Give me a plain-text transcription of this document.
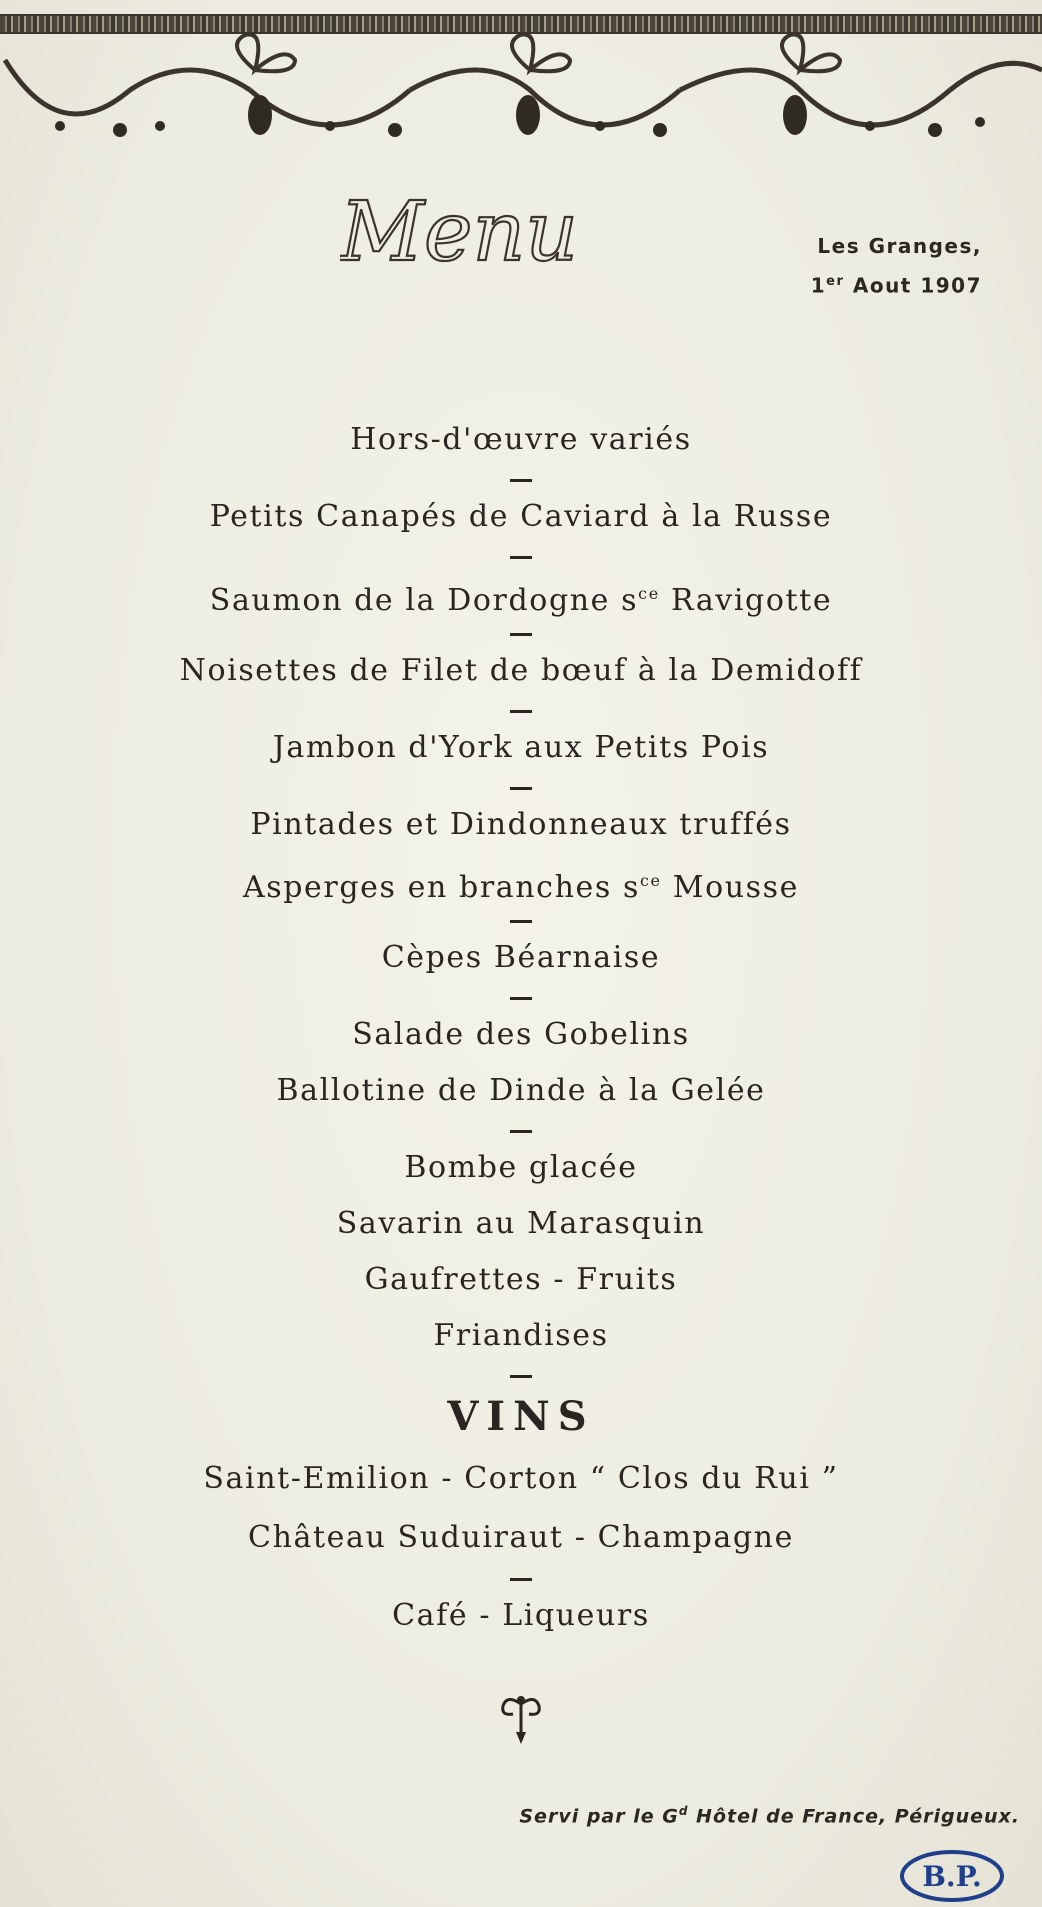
Menu	Les Granges,
1er Aout 1907
Hors-d'œuvre variés
Petits Canapés de Caviard à la Russe
Saumon de la Dordogne $s^{ce}$ Ravigotte
Noisettes de Filet de bœuf à la Demidoff
Jambon d'York aux Petits Pois
Pintades et Dindonneaux truffés
Asperges en branches $s^{ce}$ Mousse
Cèpes Béarnaise
Salade des Gobelins
Ballotine de Dinde à la Gelée
Bombe glacée
Savarin au Marasquin
Gaufrettes - Fruits
Friandises
VINS
Saint-Emilion - Corton “ Clos du Rui ”
Château Suduiraut - Champagne
Café - Liqueurs
Servi par le $G^d$ Hôtel de France, Périgueux.
B.P.
